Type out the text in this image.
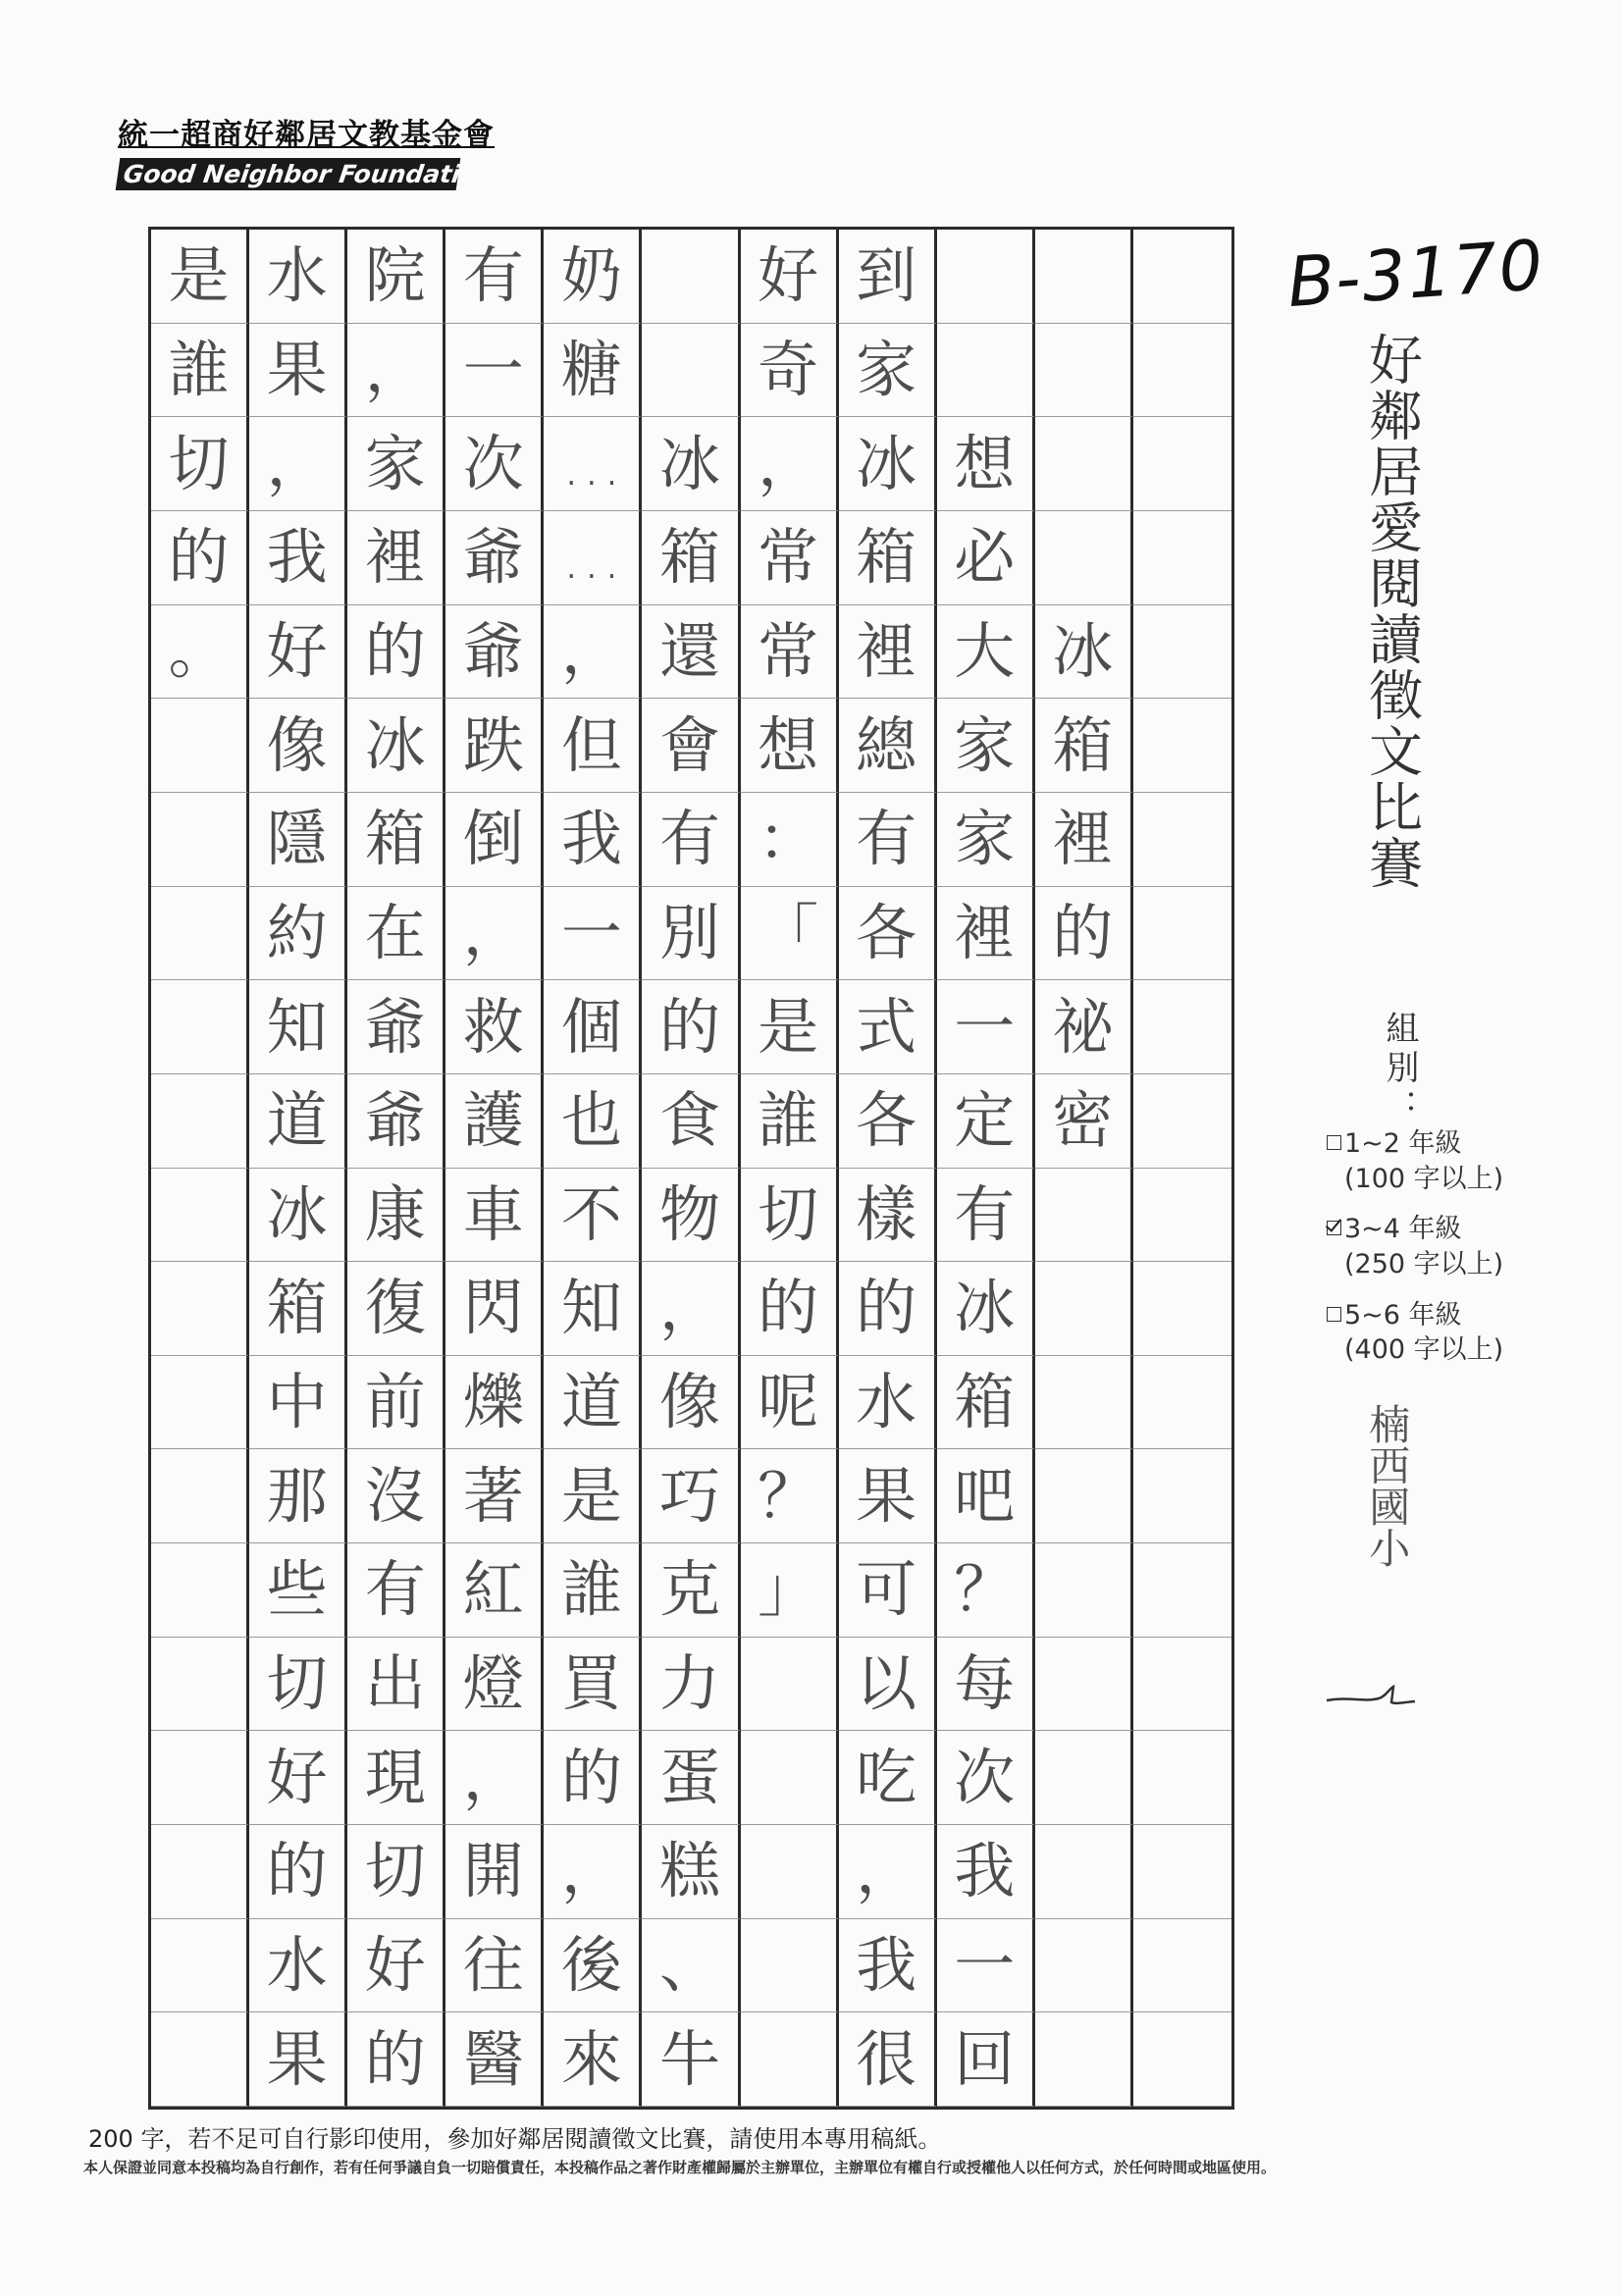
統一超商好鄰居文教基金會
Good Neighbor Foundation
是 水 院 有 奶	好 到
誰 果 ， 一 糖	奇 家
切 ， 家 次 … 冰 ， 冰 想
的 我 裡 爺 … 箱 常 箱 必
。 好 的 爺 ， 還 常 裡 大 冰
像 冰 跌 但 會 想 總 家 箱
隱 箱 倒 我 有 ： 有 家 裡
約 在 ， 一 別 「 各 裡 的
知 爺 救 個 的 是 式 一 祕
道 爺 護 也 食 誰 各 定 密
冰 康 車 不 物 切 樣 有
箱 復 閃 知 ， 的 的 冰
中 前 爍 道 像 呢 水 箱
那 沒 著 是 巧 ？ 果 吧
些 有 紅 誰 克 」 可 ？
切 出 燈 買 力	以 每
好 現 ， 的 蛋	吃 次
的 切 開 ， 糕	， 我
水 好 往 後 、	我 一
果 的 醫 來 牛	很 回
B-3170
好鄰居愛閱讀徵文比賽
組別：
1~2 年級
(100 字以上)
3~4 年級
(250 字以上)
5~6 年級
(400 字以上)
楠西國小
200 字，若不足可自行影印使用，參加好鄰居閱讀徵文比賽，請使用本專用稿紙。
本人保證並同意本投稿均為自行創作，若有任何爭議自負一切賠償責任，本投稿作品之著作財產權歸屬於主辦單位，主辦單位有權自行或授權他人以任何方式，於任何時間或地區使用。
